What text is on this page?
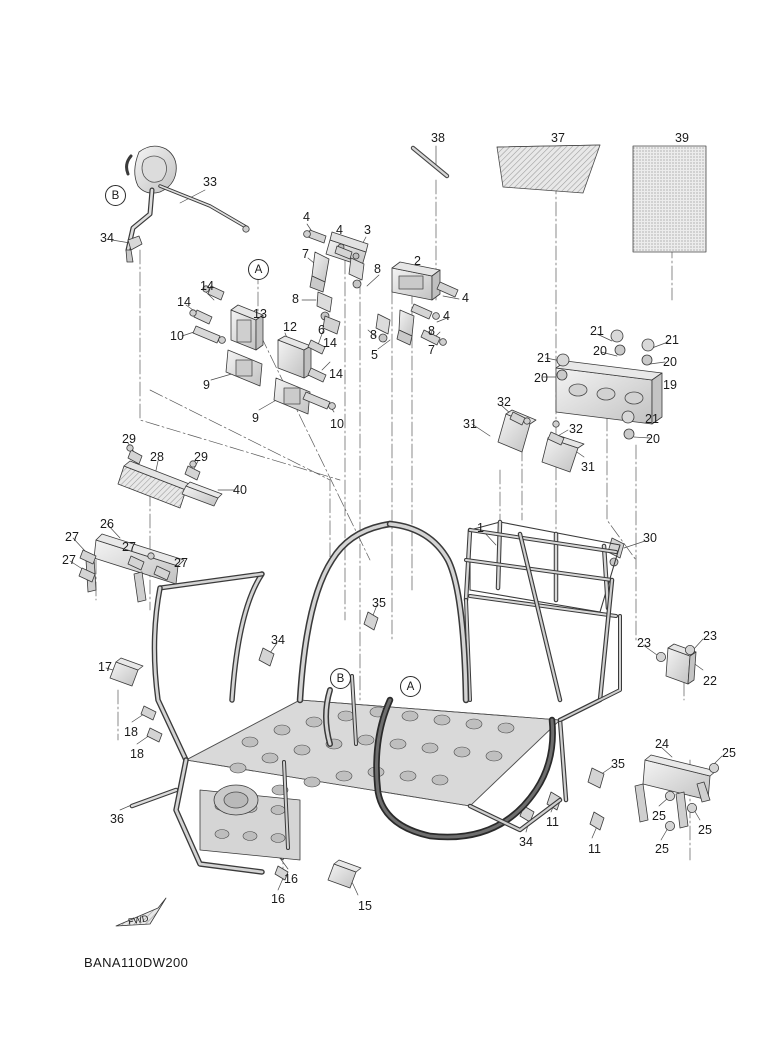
38	37	39
33
34
4
4 3
7
8
2
8	4
14
14
13
12
10	6	8	8
4
5	7
14
14
9
9	10
21
21
20
20
21
20	19
32
31	32
21
20
31
29
28 29
40
26
27
27
27	27
1
30
23	23
22
35
34
17
18
18
36
35
11
34	11
24
25
25
25
25
16
16	15
B
A
B
A
FWD
BANA110DW200
